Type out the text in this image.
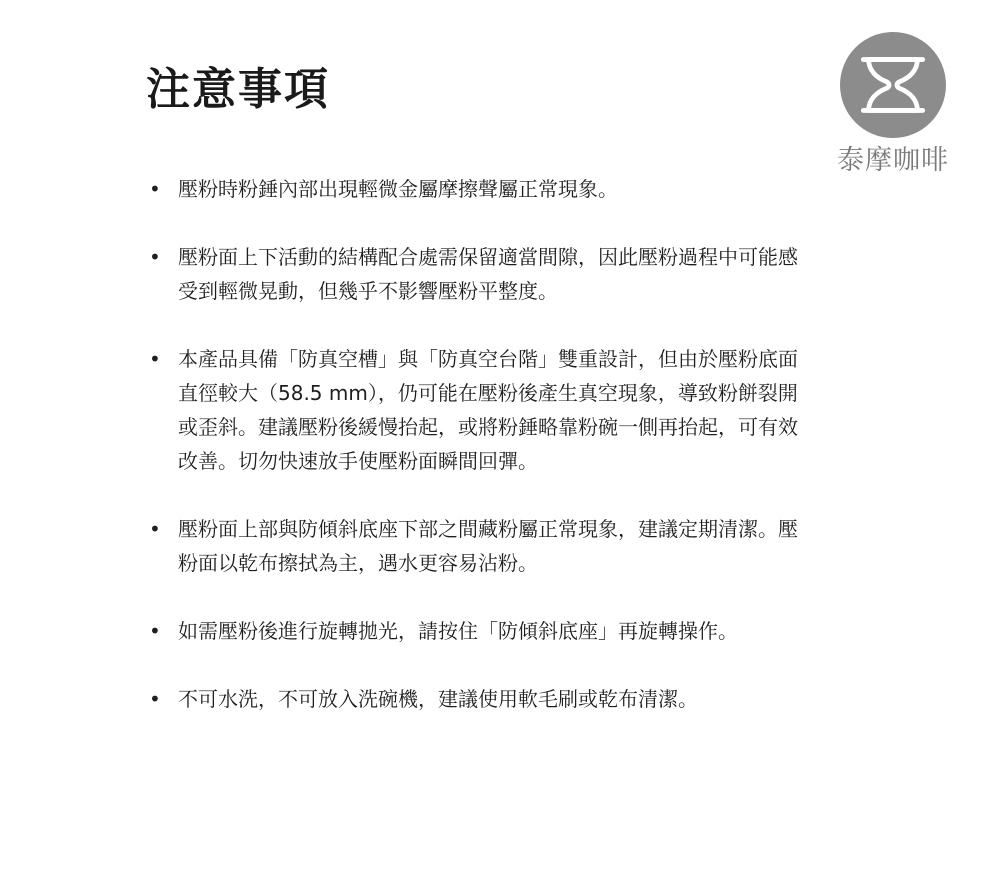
注意事項
泰摩咖啡
• 壓粉時粉錘內部出現輕微金屬摩擦聲屬正常現象。
• 壓粉面上下活動的結構配合處需保留適當間隙，因此壓粉過程中可能感受到輕微晃動，但幾乎不影響壓粉平整度。
• 本產品具備「防真空槽」與「防真空台階」雙重設計，但由於壓粉底面直徑較大（58.5 mm），仍可能在壓粉後產生真空現象，導致粉餅裂開或歪斜。建議壓粉後緩慢抬起，或將粉錘略靠粉碗一側再抬起，可有效改善。切勿快速放手使壓粉面瞬間回彈。
• 壓粉面上部與防傾斜底座下部之間藏粉屬正常現象，建議定期清潔。壓粉面以乾布擦拭為主，遇水更容易沾粉。
• 如需壓粉後進行旋轉拋光，請按住「防傾斜底座」再旋轉操作。
• 不可水洗，不可放入洗碗機，建議使用軟毛刷或乾布清潔。
